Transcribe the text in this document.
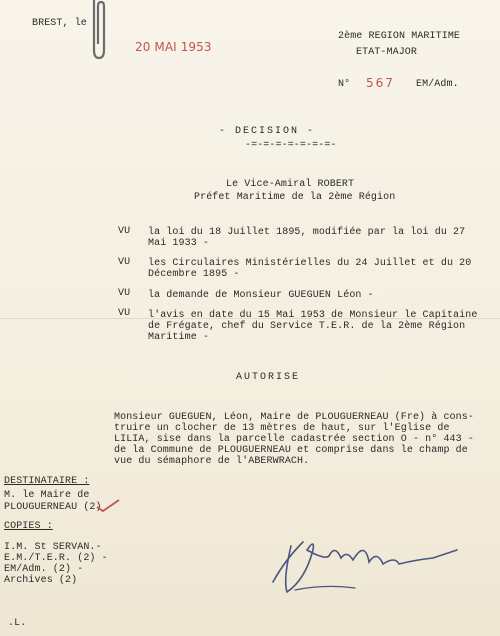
BREST, le
20 MAI 1953
2ème REGION MARITIME
ETAT-MAJOR
N° 567 EM/Adm.
- DECISION -
-=-=-=-=-=-=-=-
Le Vice-Amiral ROBERT
Préfet Maritime de la 2ème Région
VU la loi du 18 Juillet 1895, modifiée par la loi du 27
Mai 1933 -
VU les Circulaires Ministérielles du 24 Juillet et du 20
Décembre 1895 -
VU la demande de Monsieur GUEGUEN Léon -
VU l'avis en date du 15 Mai 1953 de Monsieur le Capitaine
de Frégate, chef du Service T.E.R. de la 2ème Région
Maritime -
AUTORISE
Monsieur GUEGUEN, Léon, Maire de PLOUGUERNEAU (Fre) à cons-
truire un clocher de 13 mètres de haut, sur l'Eglise de
LILIA, sise dans la parcelle cadastrée section O - n° 443 -
de la Commune de PLOUGUERNEAU et comprise dans le champ de
vue du sémaphore de l'ABERWRACH.
DESTINATAIRE :
M. le Maire de
PLOUGUERNEAU (2)
COPIES :
I.M. St SERVAN.-
E.M./T.E.R. (2) -
EM/Adm. (2) -
Archives (2)
.L.
